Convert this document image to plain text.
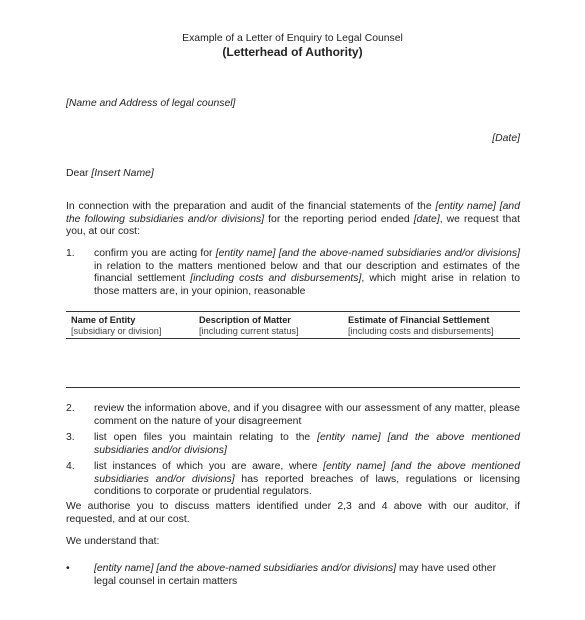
Example of a Letter of Enquiry to Legal Counsel
(Letterhead of Authority)
[Name and Address of legal counsel]
[Date]
Dear [Insert Name]
In connection with the preparation and audit of the financial statements of the [entity name] [and the following subsidiaries and/or divisions] for the reporting period ended [date], we request that you, at our cost:
1.	confirm you are acting for [entity name] [and the above-named subsidiaries and/or divisions] in relation to the matters mentioned below and that our description and estimates of the financial settlement [including costs and disbursements], which might arise in relation to those matters are, in your opinion, reasonable
Name of Entity	Description of Matter	Estimate of Financial Settlement
[subsidiary or division]	[including current status]	[including costs and disbursements]
2.	review the information above, and if you disagree with our assessment of any matter, please comment on the nature of your disagreement
3.	list open files you maintain relating to the [entity name] [and the above mentioned subsidiaries and/or divisions]
4.	list instances of which you are aware, where [entity name] [and the above mentioned subsidiaries and/or divisions] has reported breaches of laws, regulations or licensing conditions to corporate or prudential regulators.
We authorise you to discuss matters identified under 2,3 and 4 above with our auditor, if requested, and at our cost.
We understand that:
• [entity name] [and the above-named subsidiaries and/or divisions] may have used other legal counsel in certain matters
